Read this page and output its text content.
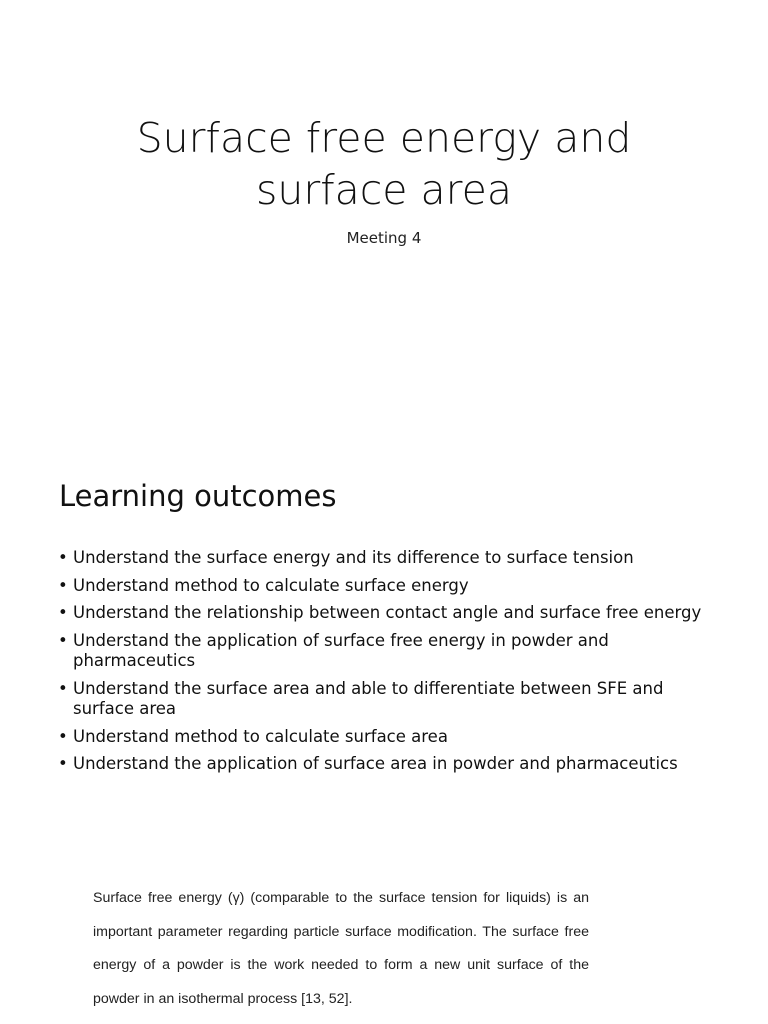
Surface free energy and
surface area
Meeting 4
Learning outcomes
• Understand the surface energy and its difference to surface tension
• Understand method to calculate surface energy
• Understand the relationship between contact angle and surface free energy
• Understand the application of surface free energy in powder and pharmaceutics
• Understand the surface area and able to differentiate between SFE and surface area
• Understand method to calculate surface area
• Understand the application of surface area in powder and pharmaceutics

Surface free energy (γ) (comparable to the surface tension for liquids) is an important parameter regarding particle surface modification. The surface free energy of a powder is the work needed to form a new unit surface of the powder in an isothermal process [13, 52].
